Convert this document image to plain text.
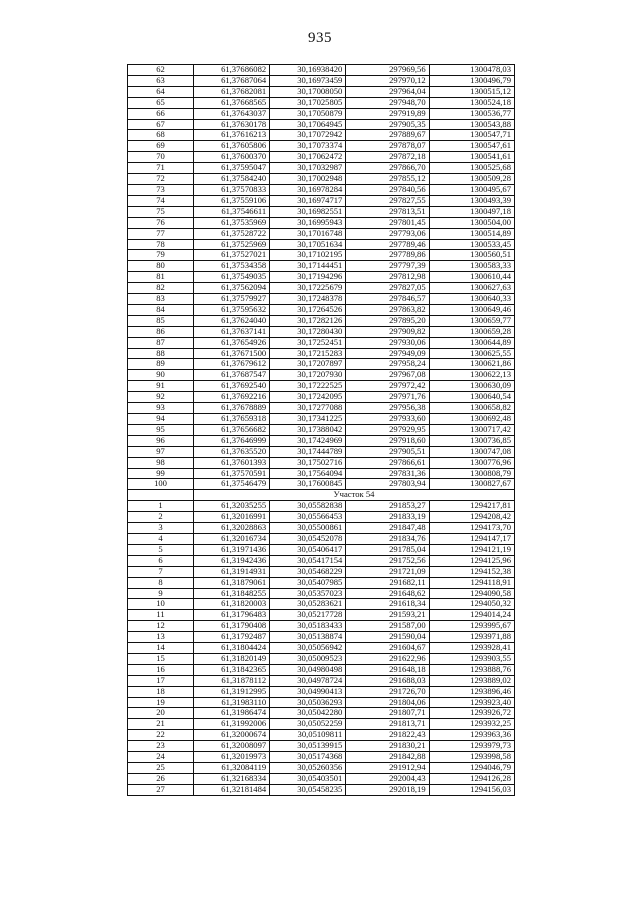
935
62	61,37686082	30,16938420	297969,56	1300478,03
63	61,37687064	30,16973459	297970,12	1300496,79
64	61,37682081	30,17008050	297964,04	1300515,12
65	61,37668565	30,17025805	297948,70	1300524,18
66	61,37643037	30,17050879	297919,89	1300536,77
67	61,37630178	30,17064945	297905,35	1300543,88
68	61,37616213	30,17072942	297889,67	1300547,71
69	61,37605806	30,17073374	297878,07	1300547,61
70	61,37600370	30,17062472	297872,18	1300541,61
71	61,37595047	30,17032987	297866,70	1300525,68
72	61,37584240	30,17002948	297855,12	1300509,28
73	61,37570833	30,16978284	297840,56	1300495,67
74	61,37559106	30,16974717	297827,55	1300493,39
75	61,37546611	30,16982551	297813,51	1300497,18
76	61,37535969	30,16995943	297801,45	1300504,00
77	61,37528722	30,17016748	297793,06	1300514,89
78	61,37525969	30,17051634	297789,46	1300533,45
79	61,37527021	30,17102195	297789,86	1300560,51
80	61,37534358	30,17144451	297797,39	1300583,33
81	61,37549035	30,17194296	297812,98	1300610,44
82	61,37562094	30,17225679	297827,05	1300627,63
83	61,37579927	30,17248378	297846,57	1300640,33
84	61,37595632	30,17264526	297863,82	1300649,46
85	61,37624040	30,17282126	297895,20	1300659,77
86	61,37637141	30,17280430	297909,82	1300659,28
87	61,37654926	30,17252451	297930,06	1300644,89
88	61,37671500	30,17215283	297949,09	1300625,55
89	61,37679612	30,17207897	297958,24	1300621,86
90	61,37687547	30,17207930	297967,08	1300622,13
91	61,37692540	30,17222525	297972,42	1300630,09
92	61,37692216	30,17242095	297971,76	1300640,54
93	61,37678889	30,17277088	297956,38	1300658,82
94	61,37659318	30,17341225	297933,60	1300692,48
95	61,37656682	30,17388042	297929,95	1300717,42
96	61,37646999	30,17424969	297918,60	1300736,85
97	61,37635520	30,17444789	297905,51	1300747,08
98	61,37601393	30,17502716	297866,61	1300776,96
99	61,37570591	30,17564094	297831,36	1300808,79
100	61,37546479	30,17600845	297803,94	1300827,67
	Участок 54			
1	61,32035255	30,05582838	291853,27	1294217,81
2	61,32016991	30,05566453	291833,19	1294208,42
3	61,32028863	30,05500861	291847,48	1294173,70
4	61,32016734	30,05452078	291834,76	1294147,17
5	61,31971436	30,05406417	291785,04	1294121,19
6	61,31942436	30,05417154	291752,56	1294125,96
7	61,31914931	30,05468229	291721,09	1294152,38
8	61,31879061	30,05407985	291682,11	1294118,91
9	61,31848255	30,05357023	291648,62	1294090,58
10	61,31820003	30,05283621	291618,34	1294050,32
11	61,31796483	30,05217728	291593,21	1294014,24
12	61,31790408	30,05183433	291587,00	1293995,67
13	61,31792487	30,05138874	291590,04	1293971,88
14	61,31804424	30,05056942	291604,67	1293928,41
15	61,31820149	30,05009523	291622,96	1293903,55
16	61,31842365	30,04980498	291648,18	1293888,76
17	61,31878112	30,04978724	291688,03	1293889,02
18	61,31912995	30,04990413	291726,70	1293896,46
19	61,31983110	30,05036293	291804,06	1293923,40
20	61,31986474	30,05042280	291807,71	1293926,72
21	61,31992006	30,05052259	291813,71	1293932,25
22	61,32000674	30,05109811	291822,43	1293963,36
23	61,32008097	30,05139915	291830,21	1293979,73
24	61,32019973	30,05174368	291842,88	1293998,58
25	61,32084119	30,05260356	291912,94	1294046,79
26	61,32168334	30,05403501	292004,43	1294126,28
27	61,32181484	30,05458235	292018,19	1294156,03
